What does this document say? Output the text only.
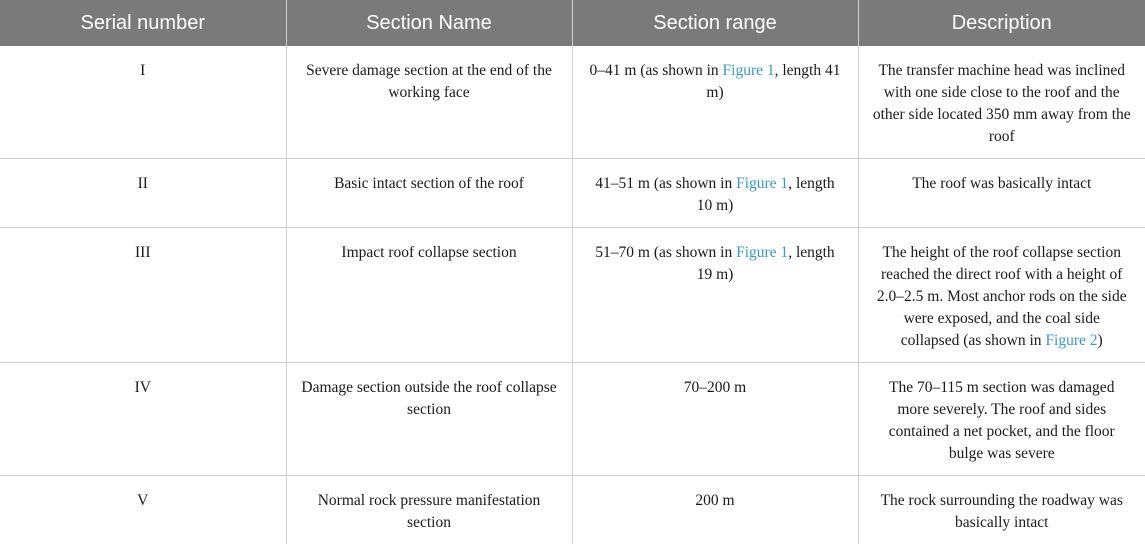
Serial number	Section Name	Section range	Description
I	Severe damage section at the end of the working face	0–41 m (as shown in Figure 1, length 41 m)	The transfer machine head was inclined with one side close to the roof and the other side located 350 mm away from the roof
II	Basic intact section of the roof	41–51 m (as shown in Figure 1, length 10 m)	The roof was basically intact
III	Impact roof collapse section	51–70 m (as shown in Figure 1, length 19 m)	The height of the roof collapse section reached the direct roof with a height of 2.0–2.5 m. Most anchor rods on the side were exposed, and the coal side collapsed (as shown in Figure 2)
IV	Damage section outside the roof collapse section	70–200 m	The 70–115 m section was damaged more severely. The roof and sides contained a net pocket, and the floor bulge was severe
V	Normal rock pressure manifestation section	200 m	The rock surrounding the roadway was basically intact
